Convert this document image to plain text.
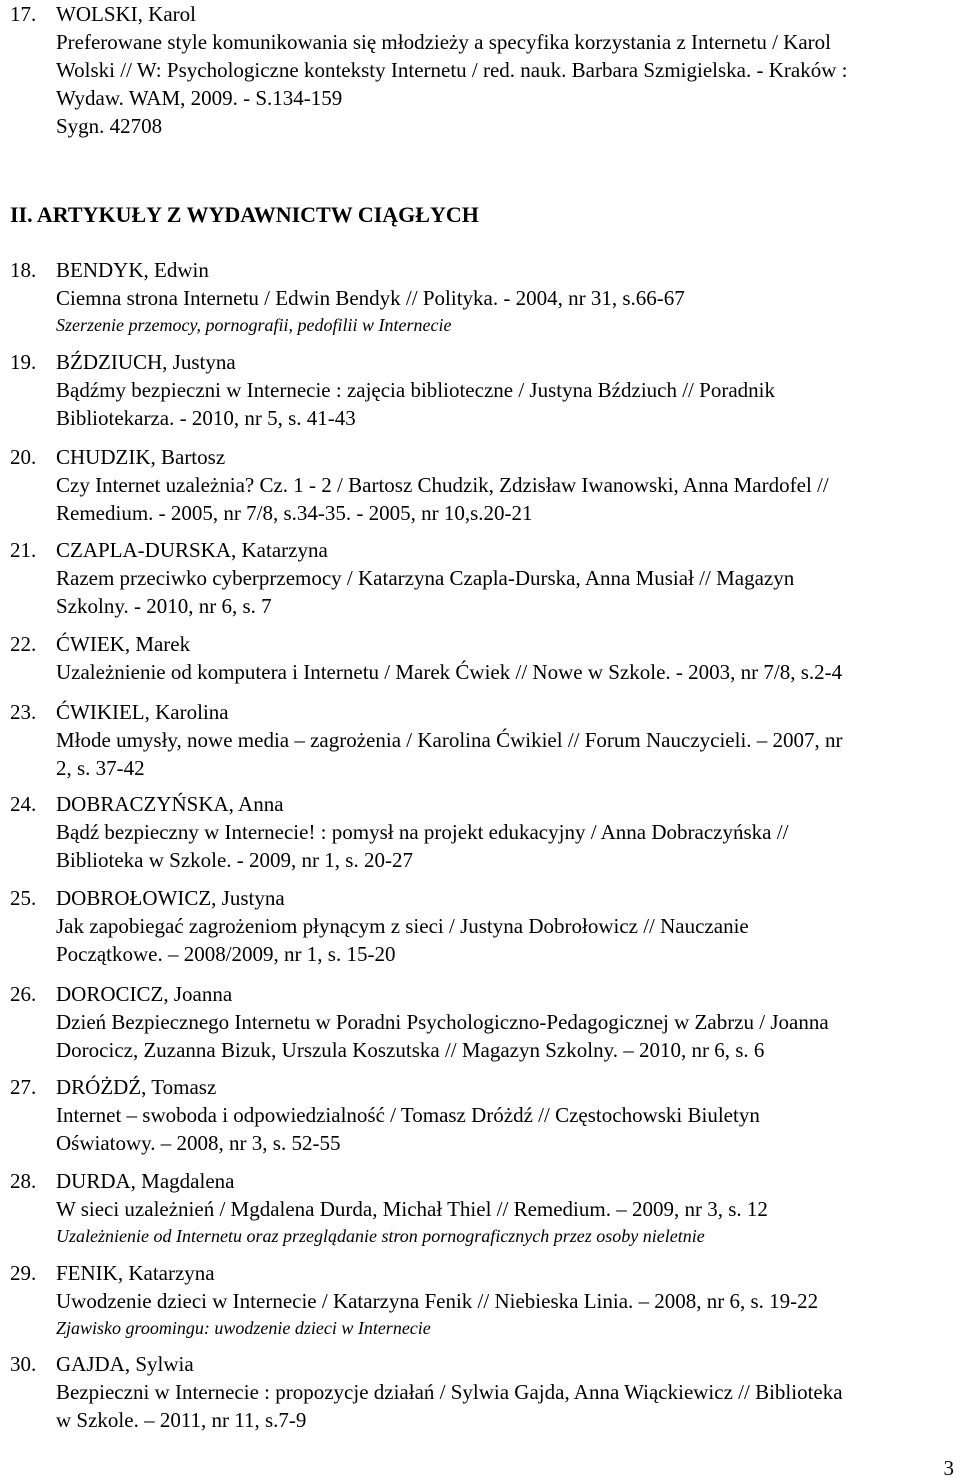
17. WOLSKI, Karol
Preferowane style komunikowania się młodzieży a specyfika korzystania z Internetu / Karol
Wolski // W: Psychologiczne konteksty Internetu / red. nauk. Barbara Szmigielska. - Kraków :
Wydaw. WAM, 2009. - S.134-159
Sygn. 42708
II. ARTYKUŁY Z WYDAWNICTW CIĄGŁYCH
18. BENDYK, Edwin
Ciemna strona Internetu / Edwin Bendyk // Polityka. - 2004, nr 31, s.66-67
Szerzenie przemocy, pornografii, pedofilii w Internecie
19. BŹDZIUCH, Justyna
Bądźmy bezpieczni w Internecie : zajęcia biblioteczne / Justyna Bździuch // Poradnik
Bibliotekarza. - 2010, nr 5, s. 41-43
20. CHUDZIK, Bartosz
Czy Internet uzależnia? Cz. 1 - 2 / Bartosz Chudzik, Zdzisław Iwanowski, Anna Mardofel //
Remedium. - 2005, nr 7/8, s.34-35. - 2005, nr 10,s.20-21
21. CZAPLA-DURSKA, Katarzyna
Razem przeciwko cyberprzemocy / Katarzyna Czapla-Durska, Anna Musiał // Magazyn
Szkolny. - 2010, nr 6, s. 7
22. ĆWIEK, Marek
Uzależnienie od komputera i Internetu / Marek Ćwiek // Nowe w Szkole. - 2003, nr 7/8, s.2-4
23. ĆWIKIEL, Karolina
Młode umysły, nowe media – zagrożenia / Karolina Ćwikiel // Forum Nauczycieli. – 2007, nr
2, s. 37-42
24. DOBRACZYŃSKA, Anna
Bądź bezpieczny w Internecie! : pomysł na projekt edukacyjny / Anna Dobraczyńska //
Biblioteka w Szkole. - 2009, nr 1, s. 20-27
25. DOBROŁOWICZ, Justyna
Jak zapobiegać zagrożeniom płynącym z sieci / Justyna Dobrołowicz // Nauczanie
Początkowe. – 2008/2009, nr 1, s. 15-20
26. DOROCICZ, Joanna
Dzień Bezpiecznego Internetu w Poradni Psychologiczno-Pedagogicznej w Zabrzu / Joanna
Dorocicz, Zuzanna Bizuk, Urszula Koszutska // Magazyn Szkolny. – 2010, nr 6, s. 6
27. DRÓŻDŹ, Tomasz
Internet – swoboda i odpowiedzialność / Tomasz Dróżdź // Częstochowski Biuletyn
Oświatowy. – 2008, nr 3, s. 52-55
28. DURDA, Magdalena
W sieci uzależnień / Mgdalena Durda, Michał Thiel // Remedium. – 2009, nr 3, s. 12
Uzależnienie od Internetu oraz przeglądanie stron pornograficznych przez osoby nieletnie
29. FENIK, Katarzyna
Uwodzenie dzieci w Internecie / Katarzyna Fenik // Niebieska Linia. – 2008, nr 6, s. 19-22
Zjawisko groomingu: uwodzenie dzieci w Internecie
30. GAJDA, Sylwia
Bezpieczni w Internecie : propozycje działań / Sylwia Gajda, Anna Wiąckiewicz // Biblioteka
w Szkole. – 2011, nr 11, s.7-9
3
